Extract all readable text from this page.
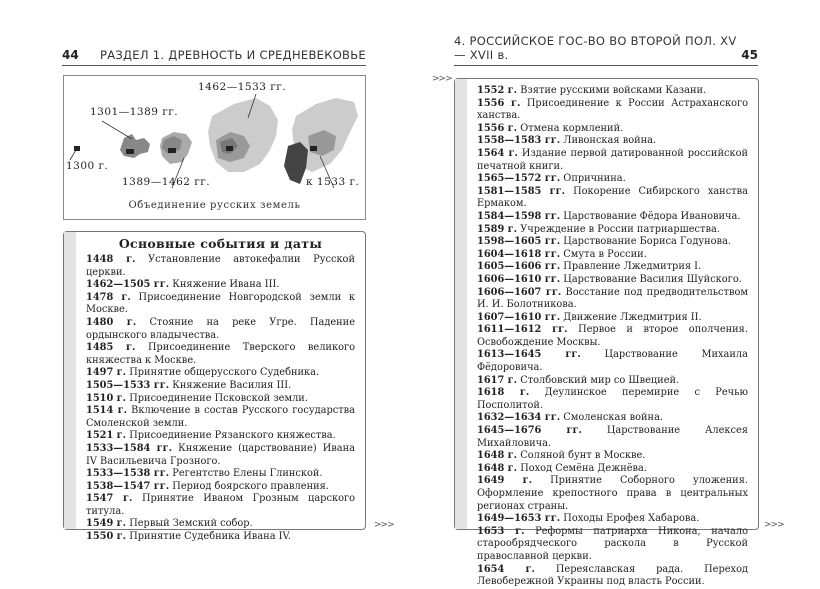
44 РАЗДЕЛ 1. ДРЕВНОСТЬ И СРЕДНЕВЕКОВЬЕ
1300 г.
1301—1389 гг.
1389—1462 гг.
1462—1533 гг.
к 1533 г.
Объединение русских земель
Основные события и даты
1448 г. Установление автокефалии Русской церкви.
1462—1505 гг. Княжение Ивана III.
1478 г. Присоединение Новгородской земли к Москве.
1480 г. Стояние на реке Угре. Падение ордынского владычества.
1485 г. Присоединение Тверского великого княжества к Москве.
1497 г. Принятие общерусского Судебника.
1505—1533 гг. Княжение Василия III.
1510 г. Присоединение Псковской земли.
1514 г. Включение в состав Русского государства Смоленской земли.
1521 г. Присоединение Рязанского княжества.
1533—1584 гг. Княжение (царствование) Ивана IV Васильевича Грозного.
1533—1538 гг. Регентство Елены Глинской.
1538—1547 гг. Период боярского правления.
1547 г. Принятие Иваном Грозным царского титула.
1549 г. Первый Земский собор.
1550 г. Принятие Судебника Ивана IV.
>>>
4. РОССИЙСКОЕ ГОС-ВО ВО ВТОРОЙ ПОЛ. XV — XVII в.	45
>>>
1552 г. Взятие русскими войсками Казани.
1556 г. Присоединение к России Астраханского ханства.
1556 г. Отмена кормлений.
1558—1583 гг. Ливонская война.
1564 г. Издание первой датированной российской печатной книги.
1565—1572 гг. Опричнина.
1581—1585 гг. Покорение Сибирского ханства Ермаком.
1584—1598 гг. Царствование Фёдора Ивановича.
1589 г. Учреждение в России патриаршества.
1598—1605 гг. Царствование Бориса Годунова.
1604—1618 гг. Смута в России.
1605—1606 гг. Правление Лжедмитрия I.
1606—1610 гг. Царствование Василия Шуйского.
1606—1607 гг. Восстание под предводительством И. И. Болотникова.
1607—1610 гг. Движение Лжедмитрия II.
1611—1612 гг. Первое и второе ополчения. Освобождение Москвы.
1613—1645 гг. Царствование Михаила Фёдоровича.
1617 г. Столбовский мир со Швецией.
1618 г. Деулинское перемирие с Речью Посполитой.
1632—1634 гг. Смоленская война.
1645—1676 гг.	Царствование Алексея Михайловича.
1648 г. Соляной бунт в Москве.
1648 г. Поход Семёна Дежнёва.
1649 г. Принятие Соборного уложения. Оформление крепостного права в центральных регионах страны.
1649—1653 гг. Походы Ерофея Хабарова.
1653 г. Реформы патриарха Никона, начало старообрядческого раскола в Русской православной церкви.
1654 г. Переяславская рада. Переход Левобережной Украины под власть России.
>>>
